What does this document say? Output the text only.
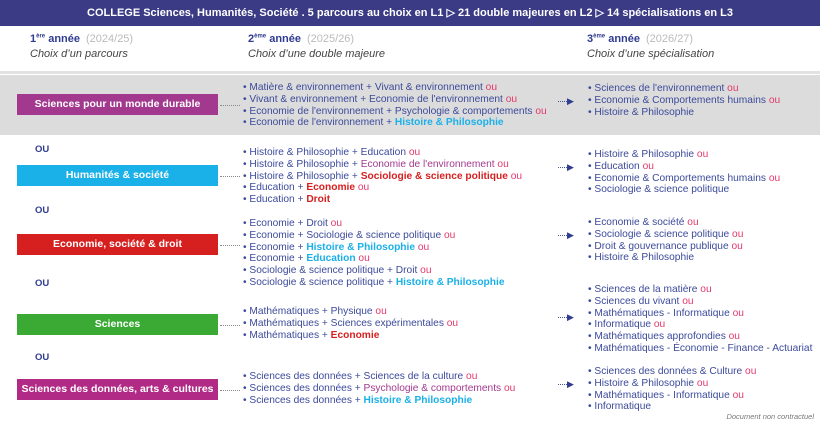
COLLEGE Sciences, Humanités, Société . 5 parcours au choix en L1 ▷ 21 double majeures en L2 ▷ 14 spécialisations en L3
1ère année (2024/25)
Choix d’un parcours
2ème année (2025/26)
Choix d’une double majeure
3ème année (2026/27)
Choix d’une spécialisation
OU
OU
OU
OU
Sciences pour un monde durable
• Matière & environnement + Vivant & environnement ou
• Vivant & environnement + Economie de l'environnement ou
• Economie de l'environnement + Psychologie & comportements ou
• Economie de l'environnement + Histoire & Philosophie
• Sciences de l'environnement ou
• Economie & Comportements humains ou
• Histoire & Philosophie
·····▶
Humanités & société
• Histoire & Philosophie + Education ou
• Histoire & Philosophie + Economie de l'environnement ou
• Histoire & Philosophie + Sociologie & science politique ou
• Education + Economie ou
• Education + Droit
• Histoire & Philosophie ou
• Education ou
• Economie & Comportements humains ou
• Sociologie & science politique
·····▶
Economie, société & droit
• Economie + Droit ou
• Economie + Sociologie & science politique ou
• Economie + Histoire & Philosophie ou
• Economie + Education ou
• Sociologie & science politique + Droit ou
• Sociologie & science politique + Histoire & Philosophie
• Economie & société ou
• Sociologie & science politique ou
• Droit & gouvernance publique ou
• Histoire & Philosophie
·····▶
Sciences
• Mathématiques + Physique ou
• Mathématiques + Sciences expérimentales ou
• Mathématiques + Economie
• Sciences de la matière ou
• Sciences du vivant ou
• Mathématiques - Informatique ou
• Informatique ou
• Mathématiques approfondies ou
• Mathématiques - Économie - Finance - Actuariat
·····▶
Sciences des données, arts & cultures
• Sciences des données + Sciences de la culture ou
• Sciences des données + Psychologie & comportements ou
• Sciences des données + Histoire & Philosophie
• Sciences des données & Culture ou
• Histoire & Philosophie ou
• Mathématiques - Informatique ou
• Informatique
·····▶
Document non contractuel
